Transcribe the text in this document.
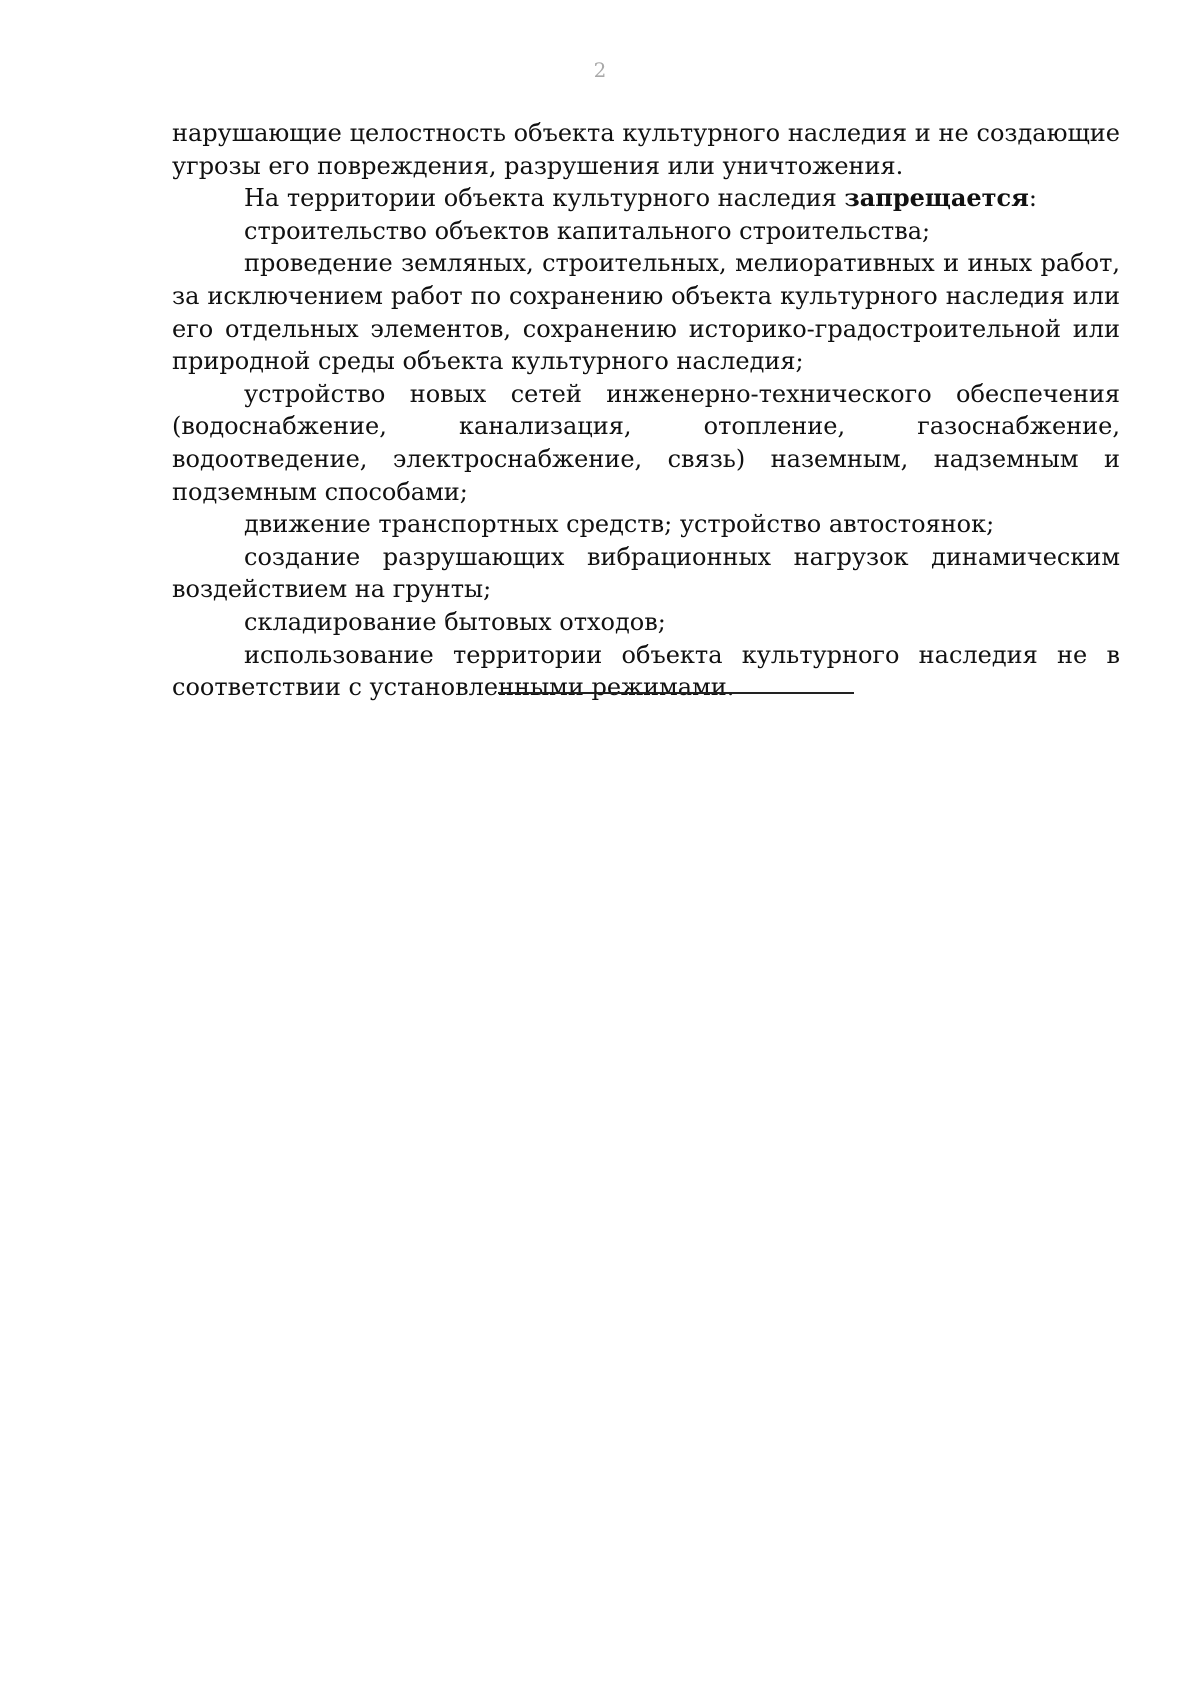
2

нарушающие целостность объекта культурного наследия и не создающие угрозы его повреждения, разрушения или уничтожения.

На территории объекта культурного наследия запрещается:

строительство объектов капитального строительства;

проведение земляных, строительных, мелиоративных и иных работ, за исключением работ по сохранению объекта культурного наследия или его отдельных элементов, сохранению историко-градостроительной или природной среды объекта культурного наследия;

устройство новых сетей инженерно-технического обеспечения (водоснабжение, канализация, отопление, газоснабжение, водоотведение, электроснабжение, связь) наземным, надземным и подземным способами;

движение транспортных средств; устройство автостоянок;

создание разрушающих вибрационных нагрузок динамическим воздействием на грунты;

складирование бытовых отходов;

использование территории объекта культурного наследия не в соответствии с установленными режимами.
